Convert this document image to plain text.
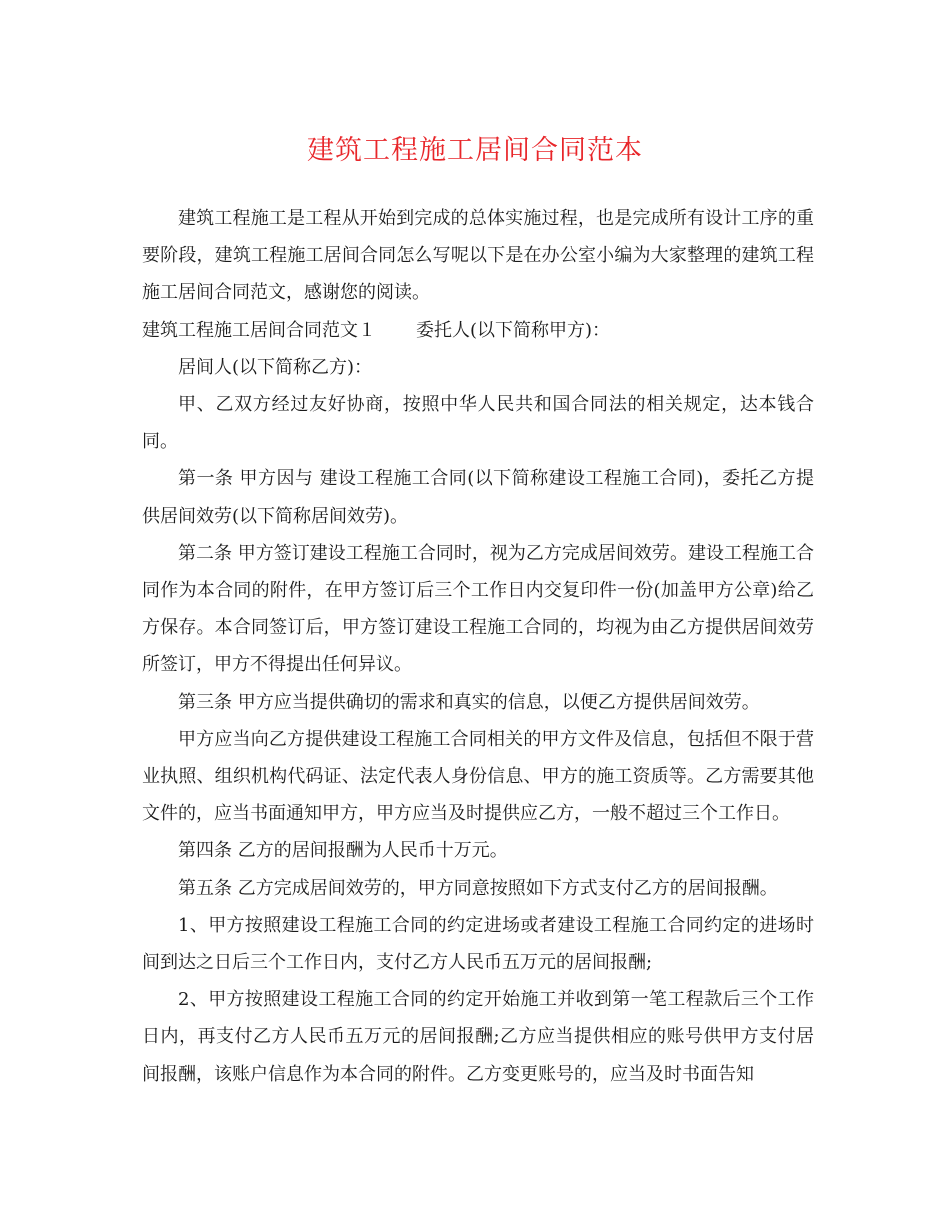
建筑工程施工居间合同范本

建筑工程施工是工程从开始到完成的总体实施过程，也是完成所有设计工序的重要阶段，建筑工程施工居间合同怎么写呢以下是在办公室小编为大家整理的建筑工程施工居间合同范文，感谢您的阅读。

建筑工程施工居间合同范文１ 委托人(以下简称甲方)：

居间人(以下简称乙方)：

甲、乙双方经过友好协商，按照中华人民共和国合同法的相关规定，达本钱合同。

第一条 甲方因与 建设工程施工合同(以下简称建设工程施工合同)，委托乙方提供居间效劳(以下简称居间效劳)。

第二条 甲方签订建设工程施工合同时，视为乙方完成居间效劳。建设工程施工合同作为本合同的附件，在甲方签订后三个工作日内交复印件一份(加盖甲方公章)给乙方保存。本合同签订后，甲方签订建设工程施工合同的，均视为由乙方提供居间效劳所签订，甲方不得提出任何异议。

第三条 甲方应当提供确切的需求和真实的信息，以便乙方提供居间效劳。

甲方应当向乙方提供建设工程施工合同相关的甲方文件及信息，包括但不限于营业执照、组织机构代码证、法定代表人身份信息、甲方的施工资质等。乙方需要其他文件的，应当书面通知甲方，甲方应当及时提供应乙方，一般不超过三个工作日。

第四条 乙方的居间报酬为人民币十万元。

第五条 乙方完成居间效劳的，甲方同意按照如下方式支付乙方的居间报酬。

1、甲方按照建设工程施工合同的约定进场或者建设工程施工合同约定的进场时间到达之日后三个工作日内，支付乙方人民币五万元的居间报酬;

2、甲方按照建设工程施工合同的约定开始施工并收到第一笔工程款后三个工作日内，再支付乙方人民币五万元的居间报酬;乙方应当提供相应的账号供甲方支付居间报酬，该账户信息作为本合同的附件。乙方变更账号的，应当及时书面告知
